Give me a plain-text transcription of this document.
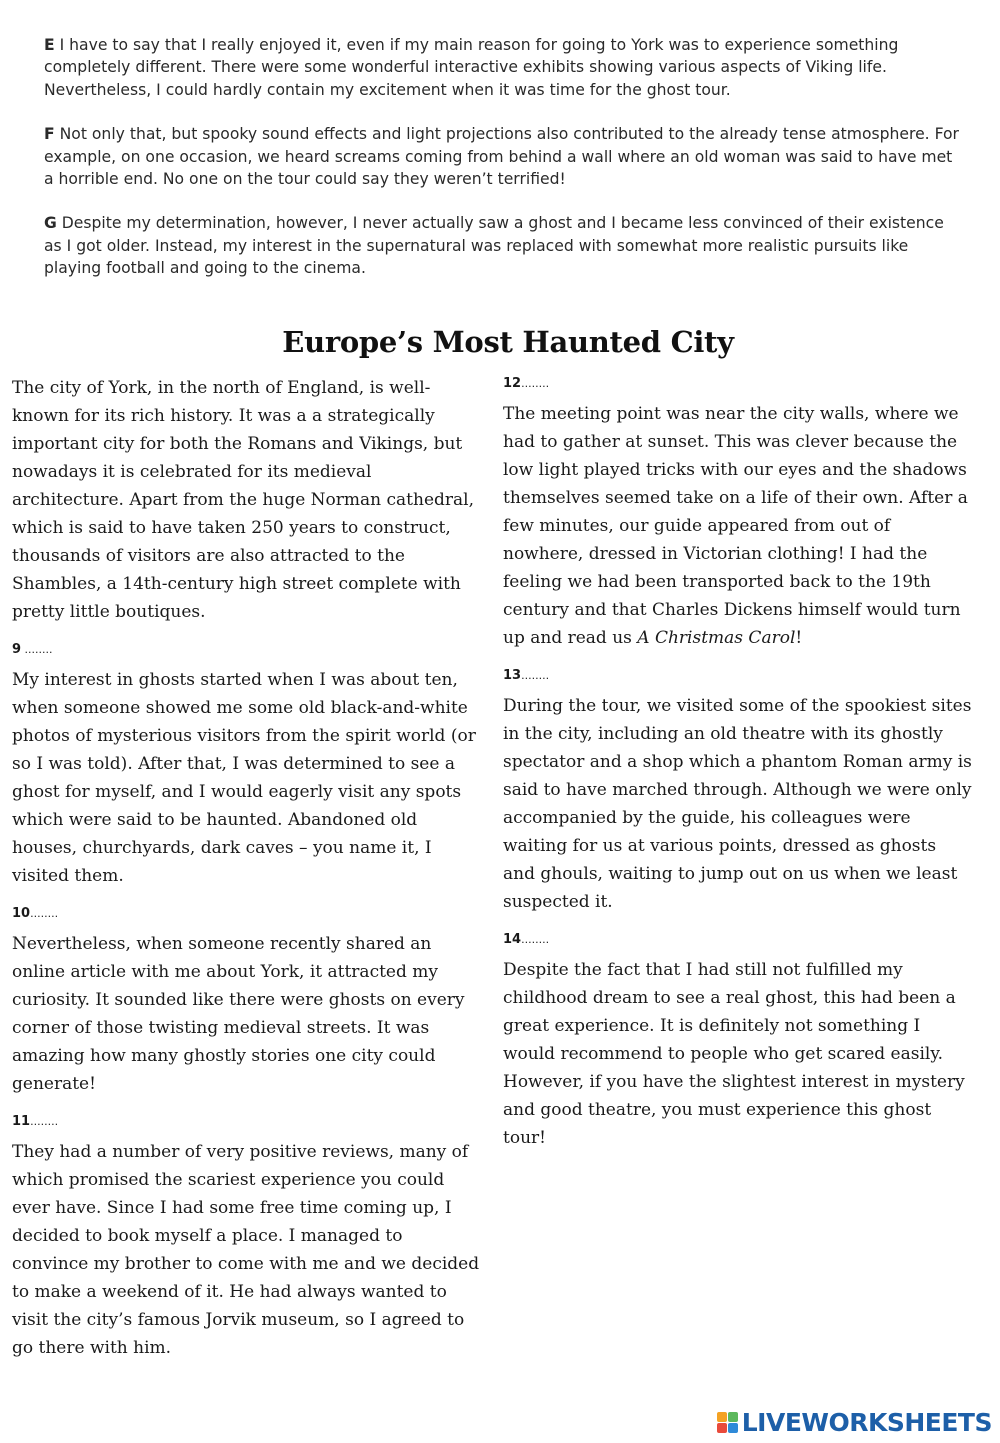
E I have to say that I really enjoyed it, even if my main reason for going to York was to experience something completely different. There were some wonderful interactive exhibits showing various aspects of Viking life. Nevertheless, I could hardly contain my excitement when it was time for the ghost tour.

F Not only that, but spooky sound effects and light projections also contributed to the already tense atmosphere. For example, on one occasion, we heard screams coming from behind a wall where an old woman was said to have met a horrible end. No one on the tour could say they weren’t terrified!

G Despite my determination, however, I never actually saw a ghost and I became less convinced of their existence as I got older. Instead, my interest in the supernatural was replaced with somewhat more realistic pursuits like playing football and going to the cinema.

Europe’s Most Haunted City

The city of York, in the north of England, is well-known for its rich history. It was a a strategically important city for both the Romans and Vikings, but nowadays it is celebrated for its medieval architecture. Apart from the huge Norman cathedral, which is said to have taken 250 years to construct, thousands of visitors are also attracted to the Shambles, a 14th-century high street complete with pretty little boutiques.

9 ........

My interest in ghosts started when I was about ten, when someone showed me some old black-and-white photos of mysterious visitors from the spirit world (or so I was told). After that, I was determined to see a ghost for myself, and I would eagerly visit any spots which were said to be haunted. Abandoned old houses, churchyards, dark caves – you name it, I visited them.

10........

Nevertheless, when someone recently shared an online article with me about York, it attracted my curiosity. It sounded like there were ghosts on every corner of those twisting medieval streets. It was amazing how many ghostly stories one city could generate!

11........

They had a number of very positive reviews, many of which promised the scariest experience you could ever have. Since I had some free time coming up, I decided to book myself a place. I managed to convince my brother to come with me and we decided to make a weekend of it. He had always wanted to visit the city’s famous Jorvik museum, so I agreed to go there with him.

12........

The meeting point was near the city walls, where we had to gather at sunset. This was clever because the low light played tricks with our eyes and the shadows themselves seemed take on a life of their own. After a few minutes, our guide appeared from out of nowhere, dressed in Victorian clothing! I had the feeling we had been transported back to the 19th century and that Charles Dickens himself would turn up and read us A Christmas Carol!

13........

During the tour, we visited some of the spookiest sites in the city, including an old theatre with its ghostly spectator and a shop which a phantom Roman army is said to have marched through. Although we were only accompanied by the guide, his colleagues were waiting for us at various points, dressed as ghosts and ghouls, waiting to jump out on us when we least suspected it.

14........

Despite the fact that I had still not fulfilled my childhood dream to see a real ghost, this had been a great experience. It is definitely not something I would recommend to people who get scared easily. However, if you have the slightest interest in mystery and good theatre, you must experience this ghost tour!

LIVEWORKSHEETS
